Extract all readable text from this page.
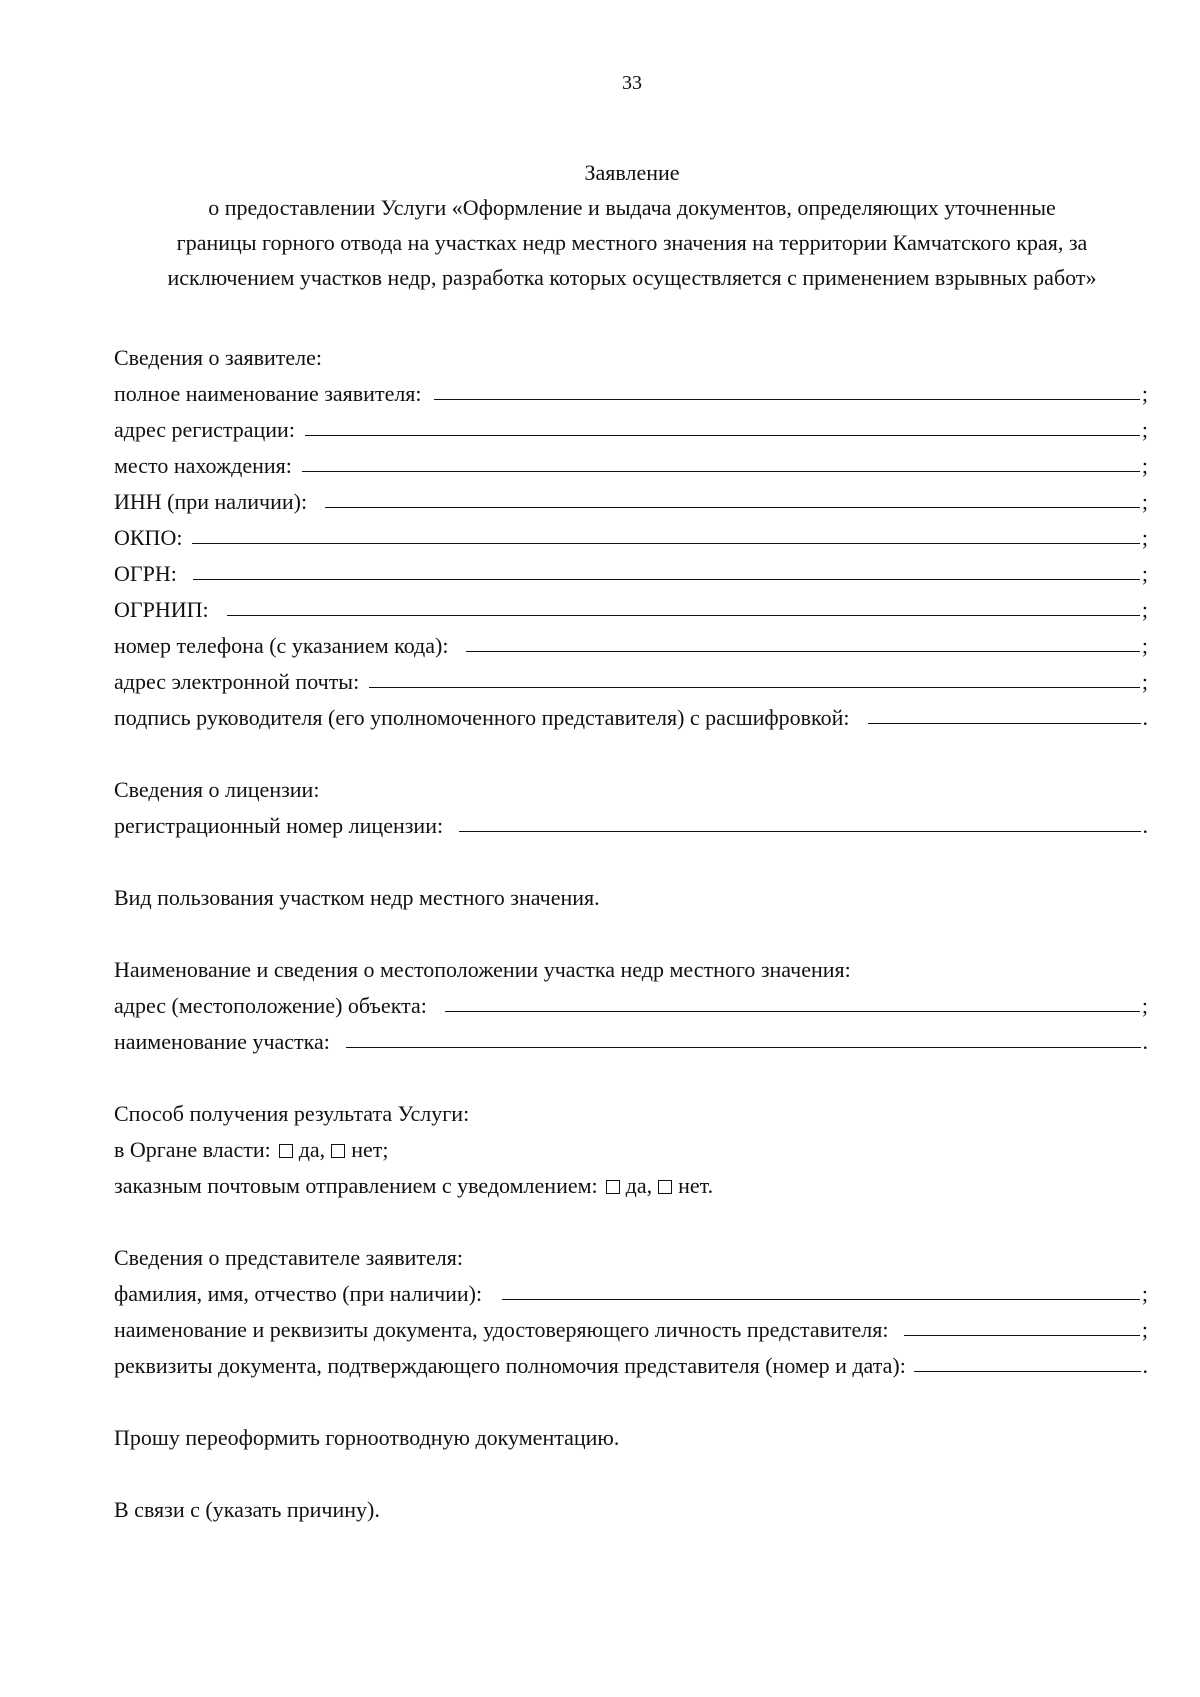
33
Заявление
о предоставлении Услуги «Оформление и выдача документов, определяющих уточненные
границы горного отвода на участках недр местного значения на территории Камчатского края, за
исключением участков недр, разработка которых осуществляется с применением взрывных работ»
Сведения о заявителе:
полное наименование заявителя:	;
адрес регистрации:	;
место нахождения:	;
ИНН (при наличии):	;
ОКПО:	;
ОГРН:	;
ОГРНИП:	;
номер телефона (с указанием кода):	;
адрес электронной почты:	;
подпись руководителя (его уполномоченного представителя) с расшифровкой:	.
Сведения о лицензии:
регистрационный номер лицензии:	.
Вид пользования участком недр местного значения.
Наименование и сведения о местоположении участка недр местного значения:
адрес (местоположение) объекта:	;
наименование участка:	.
Способ получения результата Услуги:
в Органе власти: да, нет;
заказным почтовым отправлением с уведомлением: да, нет.
Сведения о представителе заявителя:
фамилия, имя, отчество (при наличии):	;
наименование и реквизиты документа, удостоверяющего личность представителя:	;
реквизиты документа, подтверждающего полномочия представителя (номер и дата):	.
Прошу переоформить горноотводную документацию.
В связи с (указать причину).
